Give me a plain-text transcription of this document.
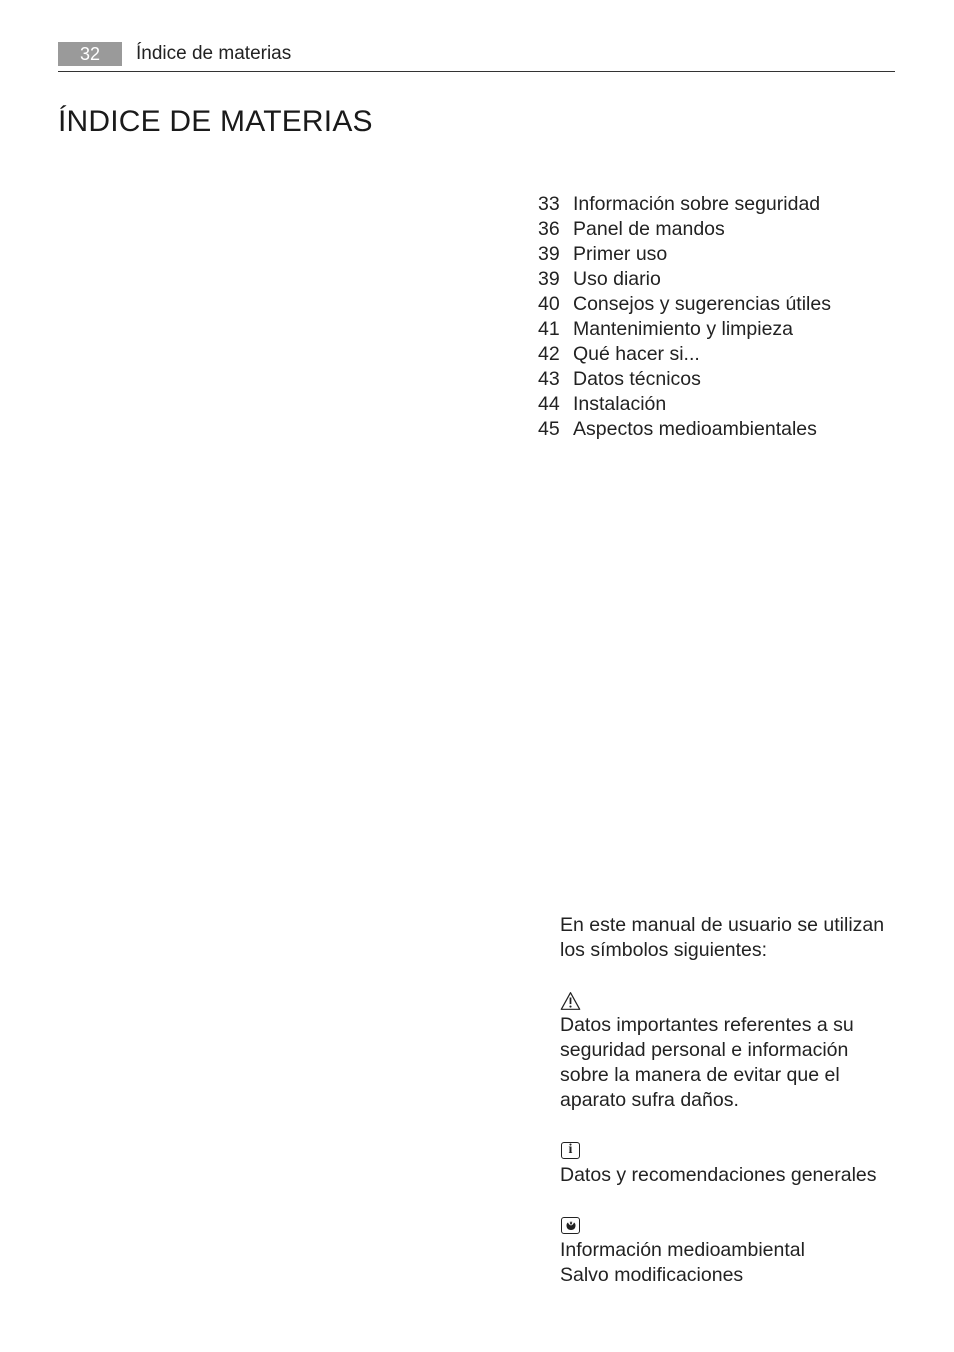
32	Índice de materias
ÍNDICE DE MATERIAS
33 Información sobre seguridad
36 Panel de mandos
39 Primer uso
39 Uso diario
40 Consejos y sugerencias útiles
41 Mantenimiento y limpieza
42 Qué hacer si...
43 Datos técnicos
44 Instalación
45 Aspectos medioambientales

En este manual de usuario se utilizan

los símbolos siguientes:

Datos importantes referentes a su

seguridad personal e información

sobre la manera de evitar que el

aparato sufra daños.

i

Datos y recomendaciones generales

Información medioambiental

Salvo modificaciones
